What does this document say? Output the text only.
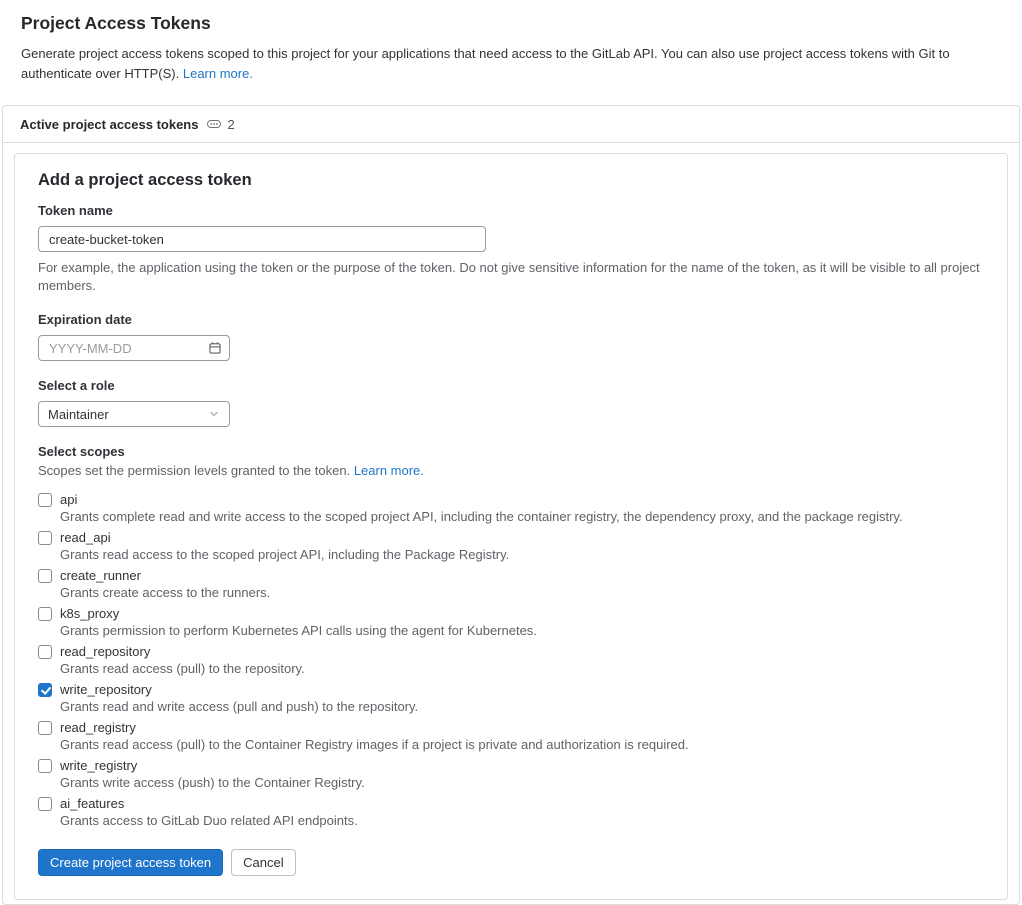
Project Access Tokens

Generate project access tokens scoped to this project for your applications that need access to the GitLab API. You can also use project access tokens with Git to authenticate over HTTP(S). Learn more.

Active project access tokens 2
Add a project access token
Token name
create-bucket-token
For example, the application using the token or the purpose of the token. Do not give sensitive information for the name of the token, as it will be visible to all project members.
Expiration date
YYYY-MM-DD
Select a role
Maintainer
Select scopes
Scopes set the permission levels granted to the token. Learn more.
api
Grants complete read and write access to the scoped project API, including the container registry, the dependency proxy, and the package registry.
read_api
Grants read access to the scoped project API, including the Package Registry.
create_runner
Grants create access to the runners.
k8s_proxy
Grants permission to perform Kubernetes API calls using the agent for Kubernetes.
read_repository
Grants read access (pull) to the repository.
write_repository
Grants read and write access (pull and push) to the repository.
read_registry
Grants read access (pull) to the Container Registry images if a project is private and authorization is required.
write_registry
Grants write access (push) to the Container Registry.
ai_features
Grants access to GitLab Duo related API endpoints.
Create project access token	Cancel
